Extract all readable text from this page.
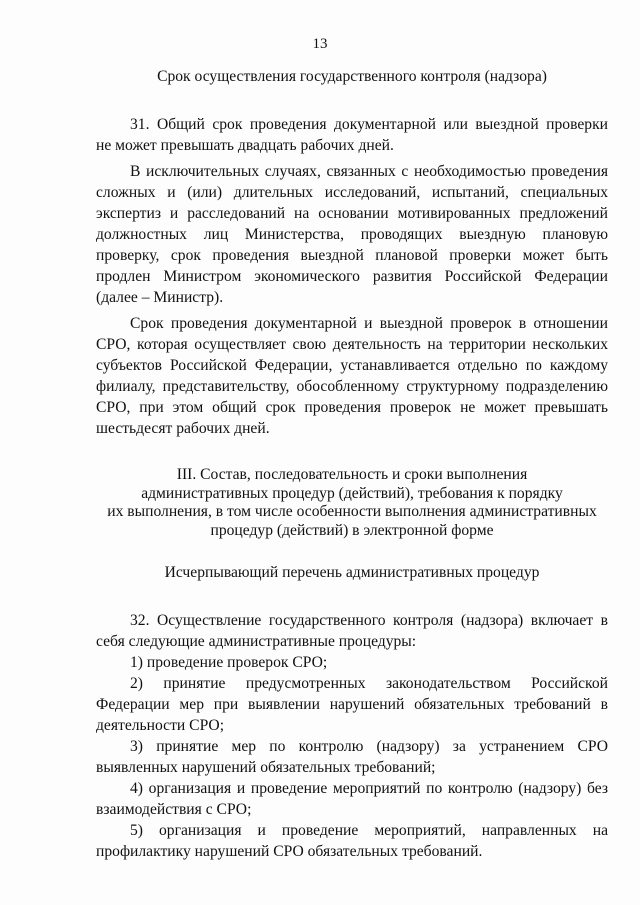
13
Срок осуществления государственного контроля (надзора)

31. Общий срок проведения документарной или выездной проверки

не может превышать двадцать рабочих дней.

В исключительных случаях, связанных с необходимостью проведения сложных и (или) длительных исследований, испытаний, специальных экспертиз и расследований на основании мотивированных предложений должностных лиц Министерства, проводящих выездную плановую проверку, срок проведения выездной плановой проверки может быть продлен Министром экономического развития Российской Федерации (далее – Министр).

Срок проведения документарной и выездной проверок в отношении СРО, которая осуществляет свою деятельность на территории нескольких субъектов Российской Федерации, устанавливается отдельно по каждому филиалу, представительству, обособленному структурному подразделению СРО, при этом общий срок проведения проверок не может превышать шестьдесят рабочих дней.

III. Состав, последовательность и сроки выполнения
административных процедур (действий), требования к порядку
их выполнения, в том числе особенности выполнения административных
процедур (действий) в электронной форме
Исчерпывающий перечень административных процедур

32. Осуществление государственного контроля (надзора) включает в себя следующие административные процедуры:

1) проведение проверок СРО;

2) принятие предусмотренных законодательством Российской Федерации мер при выявлении нарушений обязательных требований в деятельности СРО;

3) принятие мер по контролю (надзору) за устранением СРО выявленных нарушений обязательных требований;

4) организация и проведение мероприятий по контролю (надзору) без взаимодействия с СРО;

5) организация и проведение мероприятий, направленных на профилактику нарушений СРО обязательных требований.
